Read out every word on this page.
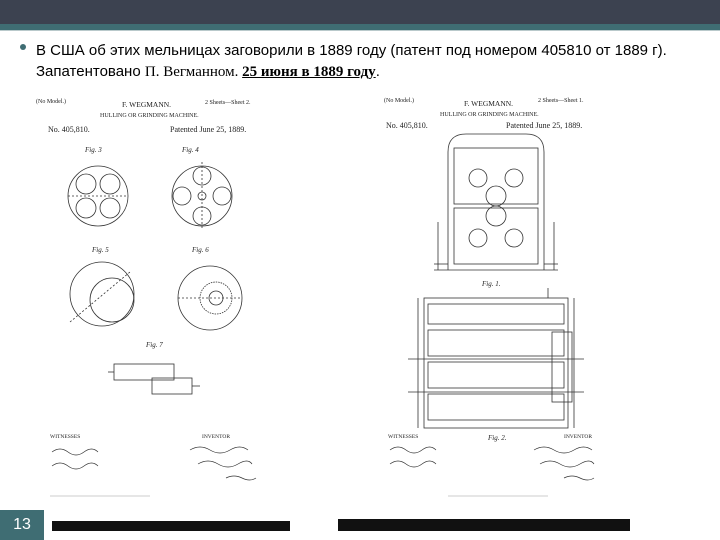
В США об этих мельницах заговорили в 1889 году (патент под номером 405810 от 1889 г). Запатентовано П. Вегманном. 25 июня в 1889 году.
(No Model.)	F. WEGMANN.	2 Sheets—Sheet 2.
HULLING OR GRINDING MACHINE.
No. 405,810.	Patented June 25, 1889.
Fig. 3	Fig. 4
Fig. 5	Fig. 6
Fig. 7
WITNESSES	INVENTOR
(No Model.)	F. WEGMANN.	2 Sheets—Sheet 1.
HULLING OR GRINDING MACHINE.
No. 405,810.	Patented June 25, 1889.
Fig. 1.
Fig. 2.
WITNESSES	INVENTOR
13
